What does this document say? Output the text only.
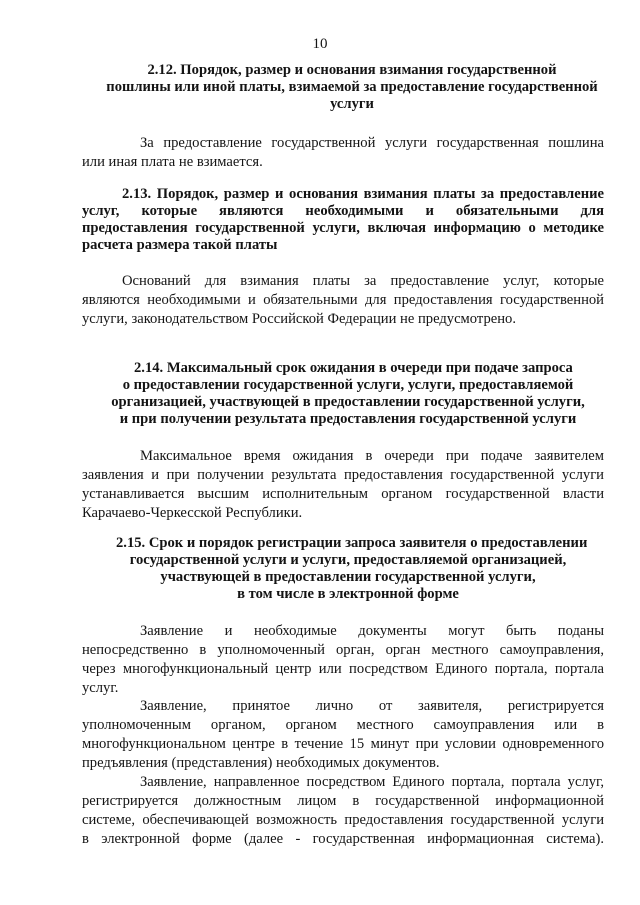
10
2.12. Порядок, размер и основания взимания государственной
пошлины или иной платы, взимаемой за предоставление государственной
услуги
За предоставление государственной услуги государственная пошлина
или иная плата не взимается.
2.13. Порядок, размер и основания взимания платы за предоставление
услуг, которые являются необходимыми и обязательными для
предоставления государственной услуги, включая информацию о методике
расчета размера такой платы
Оснований для взимания платы за предоставление услуг, которые
являются необходимыми и обязательными для предоставления государственной
услуги, законодательством Российской Федерации не предусмотрено.
2.14. Максимальный срок ожидания в очереди при подаче запроса
о предоставлении государственной услуги, услуги, предоставляемой
организацией, участвующей в предоставлении государственной услуги,
и при получении результата предоставления государственной услуги
Максимальное время ожидания в очереди при подаче заявителем
заявления и при получении результата предоставления государственной услуги
устанавливается высшим исполнительным органом государственной власти
Карачаево-Черкесской Республики.
2.15. Срок и порядок регистрации запроса заявителя о предоставлении
государственной услуги и услуги, предоставляемой организацией,
участвующей в предоставлении государственной услуги,
в том числе в электронной форме
Заявление и необходимые документы могут быть поданы
непосредственно в уполномоченный орган, орган местного самоуправления,
через многофункциональный центр или посредством Единого портала, портала
услуг.
Заявление, принятое лично от заявителя, регистрируется
уполномоченным органом, органом местного самоуправления или в
многофункциональном центре в течение 15 минут при условии одновременного
предъявления (представления) необходимых документов.
Заявление, направленное посредством Единого портала, портала услуг,
регистрируется должностным лицом в государственной информационной
системе, обеспечивающей возможность предоставления государственной услуги
в электронной форме (далее - государственная информационная система).
